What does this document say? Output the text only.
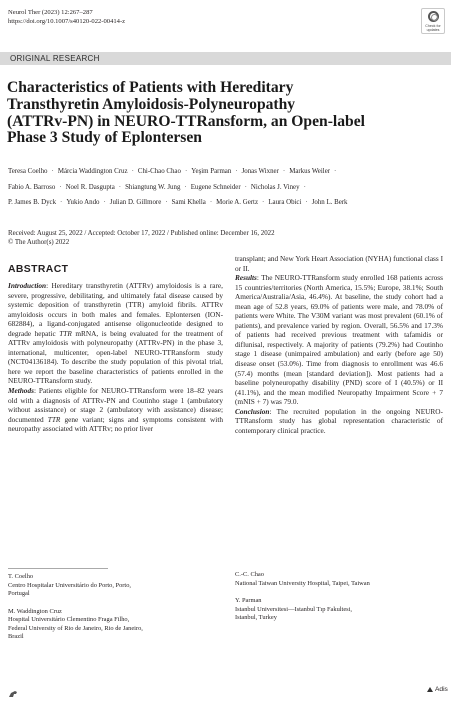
Neurol Ther (2023) 12:267–287
https://doi.org/10.1007/s40120-022-00414-z
Check for
updates
ORIGINAL RESEARCH
Characteristics of Patients with Hereditary
Transthyretin Amyloidosis-Polyneuropathy
(ATTRv-PN) in NEURO-TTRansform, an Open-label
Phase 3 Study of Eplontersen
Teresa Coelho · Márcia Waddington Cruz · Chi-Chao Chao · Yeşim Parman · Jonas Wixner · Markus Weiler ·
Fabio A. Barroso · Noel R. Dasgupta · Shiangtung W. Jung · Eugene Schneider · Nicholas J. Viney ·
P. James B. Dyck · Yukio Ando · Julian D. Gillmore · Sami Khella · Morie A. Gertz · Laura Obici · John L. Berk
Received: August 25, 2022 / Accepted: October 17, 2022 / Published online: December 16, 2022
© The Author(s) 2022
ABSTRACT

Introduction: Hereditary transthyretin (ATTRv) amyloidosis is a rare, severe, progressive, debilitating, and ultimately fatal disease caused by systemic deposition of transthyretin (TTR) amyloid fibrils. ATTRv amyloidosis occurs in both males and females. Eplontersen (ION-682884), a ligand-conjugated antisense oligonucleotide designed to degrade hepatic TTR mRNA, is being evaluated for the treatment of ATTRv amyloidosis with polyneuropathy (ATTRv-PN) in the phase 3, international, multicenter, open-label NEURO-TTRansform study (NCT04136184). To describe the study population of this pivotal trial, here we report the baseline characteristics of patients enrolled in the NEURO-TTRansform study.

Methods: Patients eligible for NEURO-TTRansform were 18–82 years old with a diagnosis of ATTRv-PN and Coutinho stage 1 (ambulatory without assistance) or stage 2 (ambulatory with assistance) disease; documented TTR gene variant; signs and symptoms consistent with neuropathy associated with ATTRv; no prior liver

transplant; and New York Heart Association (NYHA) functional class I or II.

Results: The NEURO-TTRansform study enrolled 168 patients across 15 countries/territories (North America, 15.5%; Europe, 38.1%; South America/Australia/Asia, 46.4%). At baseline, the study cohort had a mean age of 52.8 years, 69.0% of patients were male, and 78.0% of patients were White. The V30M variant was most prevalent (60.1% of patients), and prevalence varied by region. Overall, 56.5% and 17.3% of patients had received previous treatment with tafamidis or diflunisal, respectively. A majority of patients (79.2%) had Coutinho stage 1 disease (unimpaired ambulation) and early (before age 50) disease onset (53.0%). Time from diagnosis to enrollment was 46.6 (57.4) months (mean [standard deviation]). Most patients had a baseline polyneuropathy disability (PND) score of I (40.5%) or II (41.1%), and the mean modified Neuropathy Impairment Score + 7 (mNIS + 7) was 79.0.

Conclusion: The recruited population in the ongoing NEURO-TTRansform study has global representation characteristic of contemporary clinical practice.

T. Coelho
Centro Hospitalar Universitário do Porto, Porto,
Portugal
M. Waddington Cruz
Hospital Universitário Clementino Fraga Filho,
Federal University of Rio de Janeiro, Rio de Janeiro,
Brazil
C.-C. Chao
National Taiwan University Hospital, Taipei, Taiwan
Y. Parman
Istanbul Universitesi—Istanbul Tıp Fakultesi,
Istanbul, Turkey
Adis
